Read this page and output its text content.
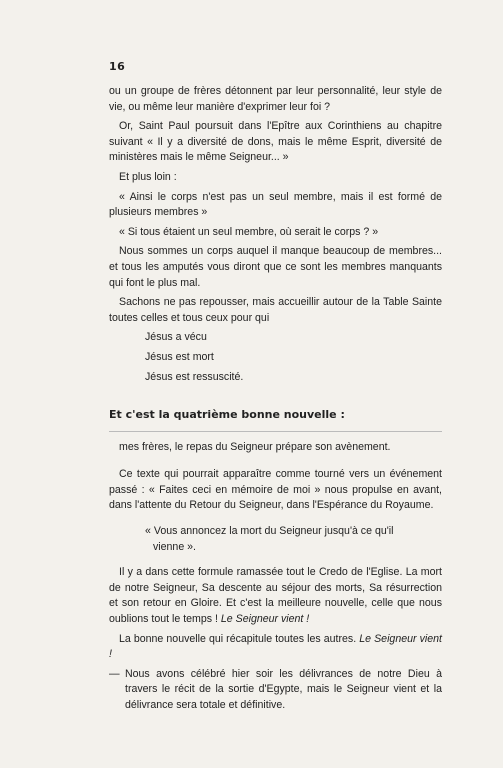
16

ou un groupe de frères détonnent par leur personnalité, leur style de vie, ou même leur manière d'exprimer leur foi ?

Or, Saint Paul poursuit dans l'Epître aux Corinthiens au chapitre suivant « Il y a diversité de dons, mais le même Esprit, diversité de ministères mais le même Seigneur... »

Et plus loin :

« Ainsi le corps n'est pas un seul membre, mais il est formé de plusieurs membres »

« Si tous étaient un seul membre, où serait le corps ? »

Nous sommes un corps auquel il manque beaucoup de membres... et tous les amputés vous diront que ce sont les membres manquants qui font le plus mal.

Sachons ne pas repousser, mais accueillir autour de la Table Sainte toutes celles et tous ceux pour qui

Jésus a vécu

Jésus est mort

Jésus est ressuscité.

Et c'est la quatrième bonne nouvelle :

mes frères, le repas du Seigneur prépare son avènement.

Ce texte qui pourrait apparaître comme tourné vers un événement passé : « Faites ceci en mémoire de moi » nous propulse en avant, dans l'attente du Retour du Seigneur, dans l'Espérance du Royaume.

« Vous annoncez la mort du Seigneur jusqu'à ce qu'il

vienne ».

Il y a dans cette formule ramassée tout le Credo de l'Eglise. La mort de notre Seigneur, Sa descente au séjour des morts, Sa résurrection et son retour en Gloire. Et c'est la meilleure nouvelle, celle que nous oublions tout le temps ! Le Seigneur vient !

La bonne nouvelle qui récapitule toutes les autres. Le Seigneur vient !

— Nous avons célébré hier soir les délivrances de notre Dieu à travers le récit de la sortie d'Egypte, mais le Seigneur vient et la délivrance sera totale et définitive.
